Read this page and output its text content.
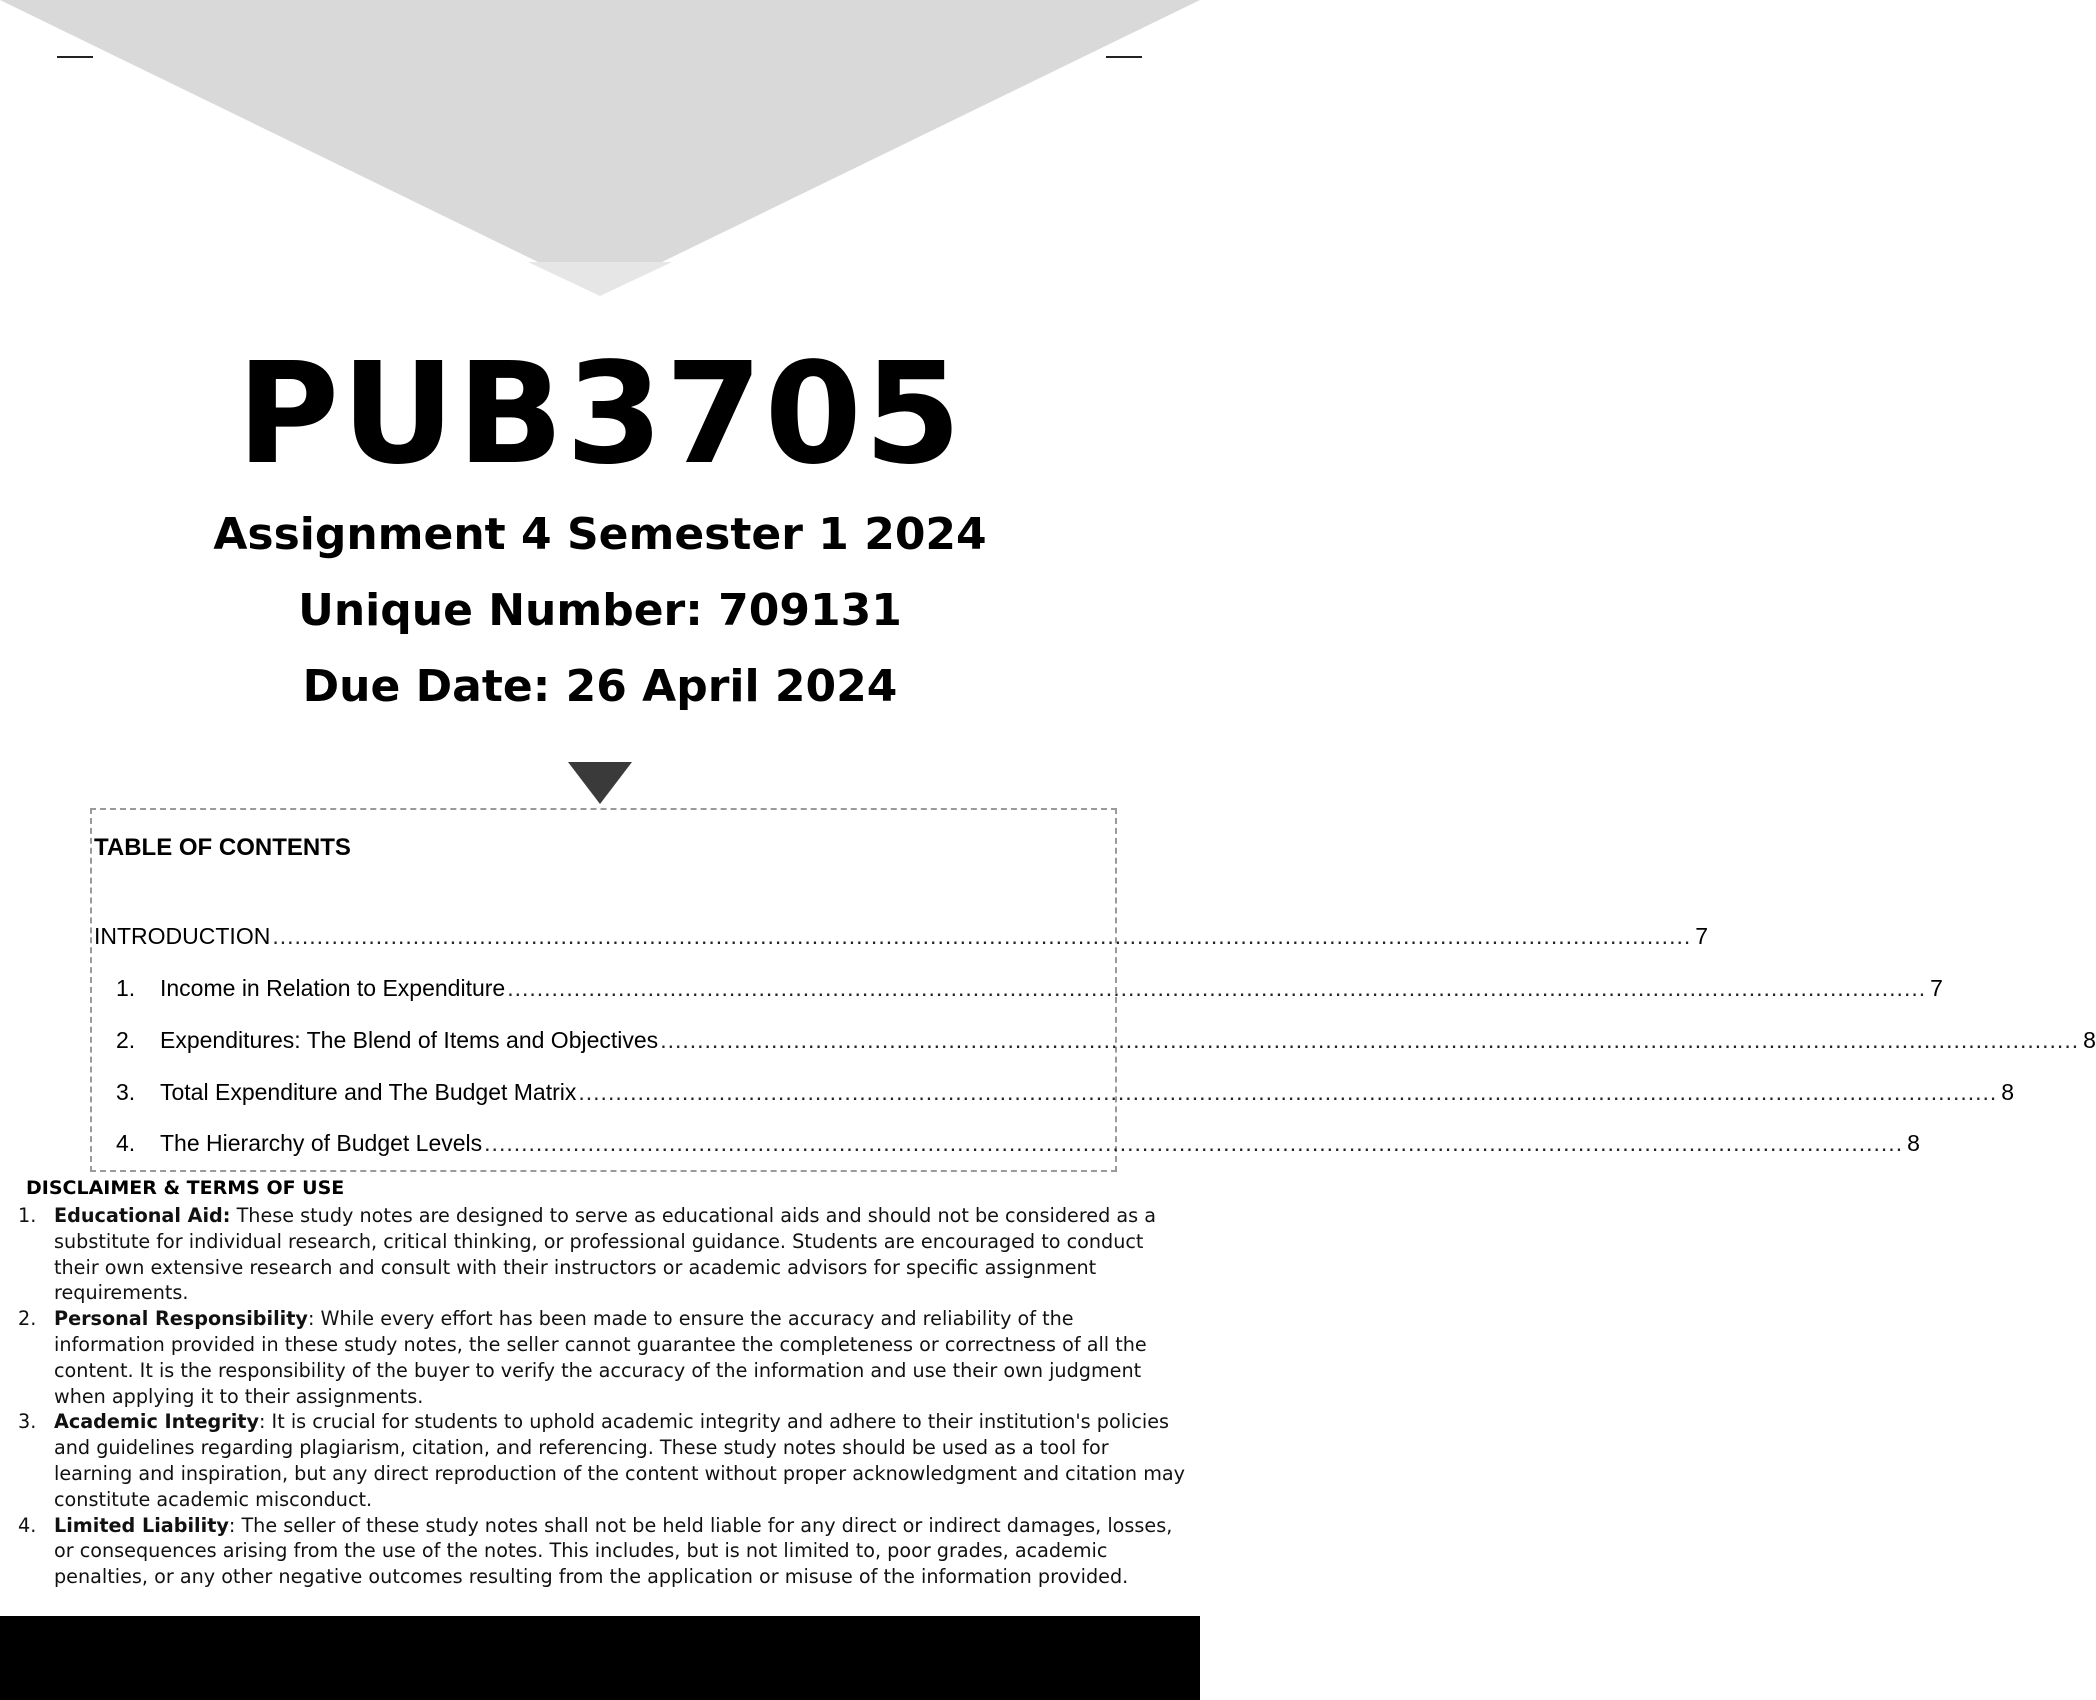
PUB3705
Assignment 4 Semester 1 2024
Unique Number: 709131
Due Date: 26 April 2024
TABLE OF CONTENTS
INTRODUCTION ................................................................................................................................................................................................ 7
1.	Income in Relation to Expenditure ................................................................................................................................................................................................ 7
2.	Expenditures: The Blend of Items and Objectives ................................................................................................................................................................................................ 8
3.	Total Expenditure and The Budget Matrix ................................................................................................................................................................................................ 8
4.	The Hierarchy of Budget Levels ................................................................................................................................................................................................ 8
DISCLAIMER & TERMS OF USE
1. Educational Aid: These study notes are designed to serve as educational aids and should not be considered as a substitute for individual research, critical thinking, or professional guidance. Students are encouraged to conduct their own extensive research and consult with their instructors or academic advisors for specific assignment requirements.
2. Personal Responsibility: While every effort has been made to ensure the accuracy and reliability of the information provided in these study notes, the seller cannot guarantee the completeness or correctness of all the content. It is the responsibility of the buyer to verify the accuracy of the information and use their own judgment when applying it to their assignments.
3. Academic Integrity: It is crucial for students to uphold academic integrity and adhere to their institution's policies and guidelines regarding plagiarism, citation, and referencing. These study notes should be used as a tool for learning and inspiration, but any direct reproduction of the content without proper acknowledgment and citation may constitute academic misconduct.
4. Limited Liability: The seller of these study notes shall not be held liable for any direct or indirect damages, losses, or consequences arising from the use of the notes. This includes, but is not limited to, poor grades, academic penalties, or any other negative outcomes resulting from the application or misuse of the information provided.
